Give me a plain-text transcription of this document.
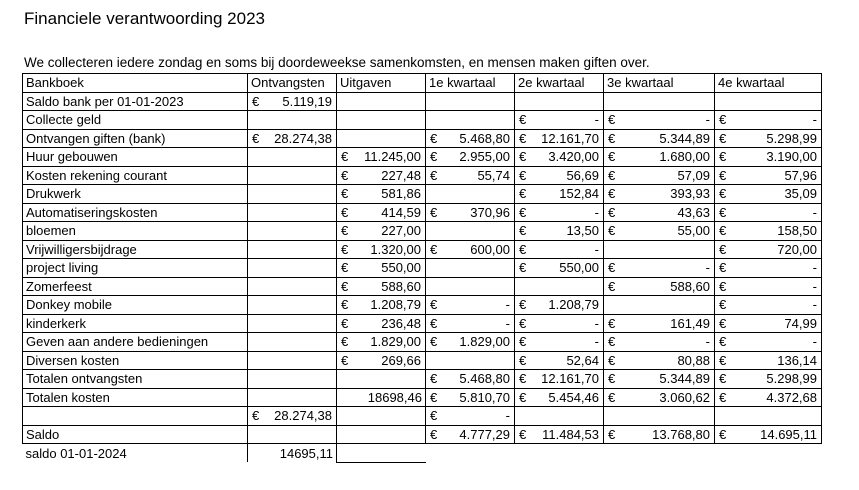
Financiele verantwoording 2023
We collecteren iedere zondag en soms bij doordeweekse samenkomsten, en mensen maken giften over.
Bankboek	Ontvangsten	Uitgaven	1e kwartaal	2e kwartaal	3e kwartaal	4e kwartaal
Saldo bank per 01-01-2023	€ 5.119,19					

Collecte geld				€ -	€ -	€ -

Ontvangen giften (bank)	€ 28.274,38		€ 5.468,80	€ 12.161,70	€ 5.344,89	€ 5.298,99

Huur gebouwen		€ 11.245,00	€ 2.955,00	€ 3.420,00	€ 1.680,00	€ 3.190,00

Kosten rekening courant		€ 227,48	€ 55,74	€ 56,69	€ 57,09	€ 57,96

Drukwerk		€ 581,86		€ 152,84	€ 393,93	€ 35,09

Automatiseringskosten		€ 414,59	€ 370,96	€ -	€ 43,63	€ -

bloemen		€ 227,00		€ 13,50	€ 55,00	€ 158,50

Vrijwilligersbijdrage		€ 1.320,00	€ 600,00	€ -		€ 720,00

project living		€ 550,00		€ 550,00	€ -	€ -

Zomerfeest		€ 588,60			€ 588,60	€ -

Donkey mobile		€ 1.208,79	€ -	€ 1.208,79		€ -

kinderkerk		€ 236,48	€ -	€ -	€ 161,49	€ 74,99

Geven aan andere bedieningen		€ 1.829,00	€ 1.829,00	€ -	€ -	€ -

Diversen kosten		€ 269,66		€ 52,64	€ 80,88	€ 136,14

Totalen ontvangsten			€ 5.468,80	€ 12.161,70	€ 5.344,89	€ 5.298,99

Totalen kosten		18698,46	€ 5.810,70	€ 5.454,46	€ 3.060,62	€ 4.372,68

	€ 28.274,38		€ -			

Saldo			€ 4.777,29	€ 11.484,53	€ 13.768,80	€ 14.695,11

saldo 01-01-2024	14695,11					
